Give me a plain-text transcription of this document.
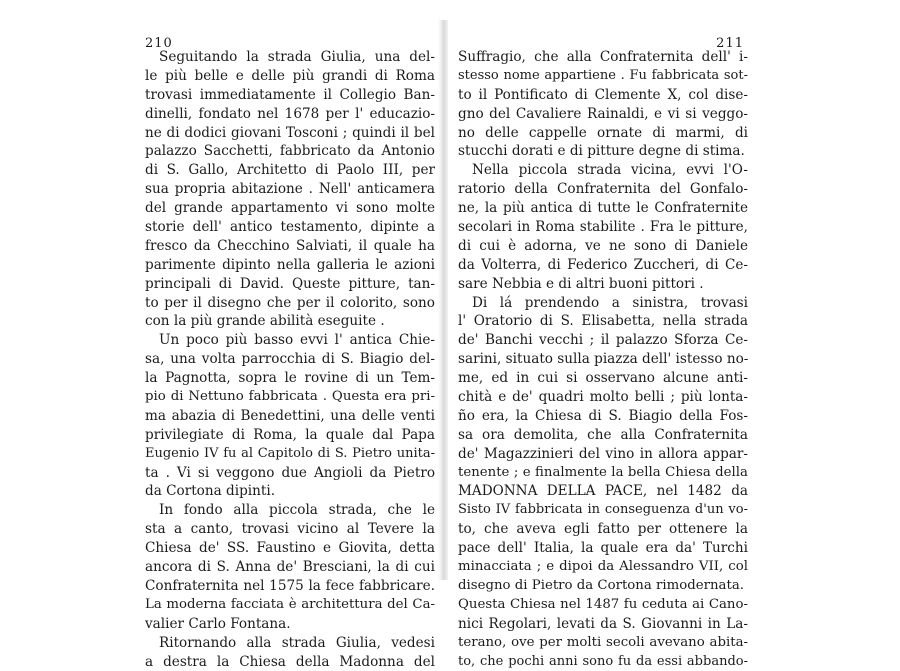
210
Seguitando la strada Giulia, una del-
le più belle e delle più grandi di Roma
trovasi immediatamente il Collegio Ban-
dinelli, fondato nel 1678 per l' educazio-
ne di dodici giovani Tosconi ; quindi il bel
palazzo Sacchetti, fabbricato da Antonio
di S. Gallo, Architetto di Paolo III, per
sua propria abitazione . Nell' anticamera
del grande appartamento vi sono molte
storie dell' antico testamento, dipinte a
fresco da Checchino Salviati, il quale ha
parimente dipinto nella galleria le azioni
principali di David. Queste pitture, tan-
to per il disegno che per il colorito, sono
con la più grande abilità eseguite .
Un poco più basso evvi l' antica Chie-
sa, una volta parrocchia di S. Biagio del-
la Pagnotta, sopra le rovine di un Tem-
pio di Nettuno fabbricata . Questa era pri-
ma abazia di Benedettini, una delle venti
privilegiate di Roma, la quale dal Papa
Eugenio IV fu al Capitolo di S. Pietro unita-
ta . Vi si veggono due Angioli da Pietro
da Cortona dipinti.
In fondo alla piccola strada, che le
sta a canto, trovasi vicino al Tevere la
Chiesa de' SS. Faustino e Giovita, detta
ancora di S. Anna de' Bresciani, la di cui
Confraternita nel 1575 la fece fabbricare.
La moderna facciata è architettura del Ca-
valier Carlo Fontana.
Ritornando alla strada Giulia, vedesi
a destra la Chiesa della Madonna del
211
Suffragio, che alla Confraternita dell' i-
stesso nome appartiene . Fu fabbricata sot-
to il Pontificato di Clemente X, col dise-
gno del Cavaliere Rainaldi, e vi si veggo-
no delle cappelle ornate di marmi, di
stucchi dorati e di pitture degne di stima.
Nella piccola strada vicina, evvi l'O-
ratorio della Confraternita del Gonfalo-
ne, la più antica di tutte le Confraternite
secolari in Roma stabilite . Fra le pitture,
di cui è adorna, ve ne sono di Daniele
da Volterra, di Federico Zuccheri, di Ce-
sare Nebbia e di altri buoni pittori .
Di lá prendendo a sinistra, trovasi
l' Oratorio di S. Elisabetta, nella strada
de' Banchi vecchi ; il palazzo Sforza Ce-
sarini, situato sulla piazza dell' istesso no-
me, ed in cui si osservano alcune anti-
chità e de' quadri molto belli ; più lonta-
ño era, la Chiesa di S. Biagio della Fos-
sa ora demolita, che alla Confraternita
de' Magazzinieri del vino in allora appar-
tenente ; e finalmente la bella Chiesa della
MADONNA DELLA PACE, nel 1482 da
Sisto IV fabbricata in conseguenza d'un vo-
to, che aveva egli fatto per ottenere la
pace dell' Italia, la quale era da' Turchi
minacciata ; e dipoi da Alessandro VII, col
disegno di Pietro da Cortona rimodernata.
Questa Chiesa nel 1487 fu ceduta ai Cano-
nici Regolari, levati da S. Giovanni in La-
terano, ove per molti secoli avevano abita-
to, che pochi anni sono fu da essi abbando-
